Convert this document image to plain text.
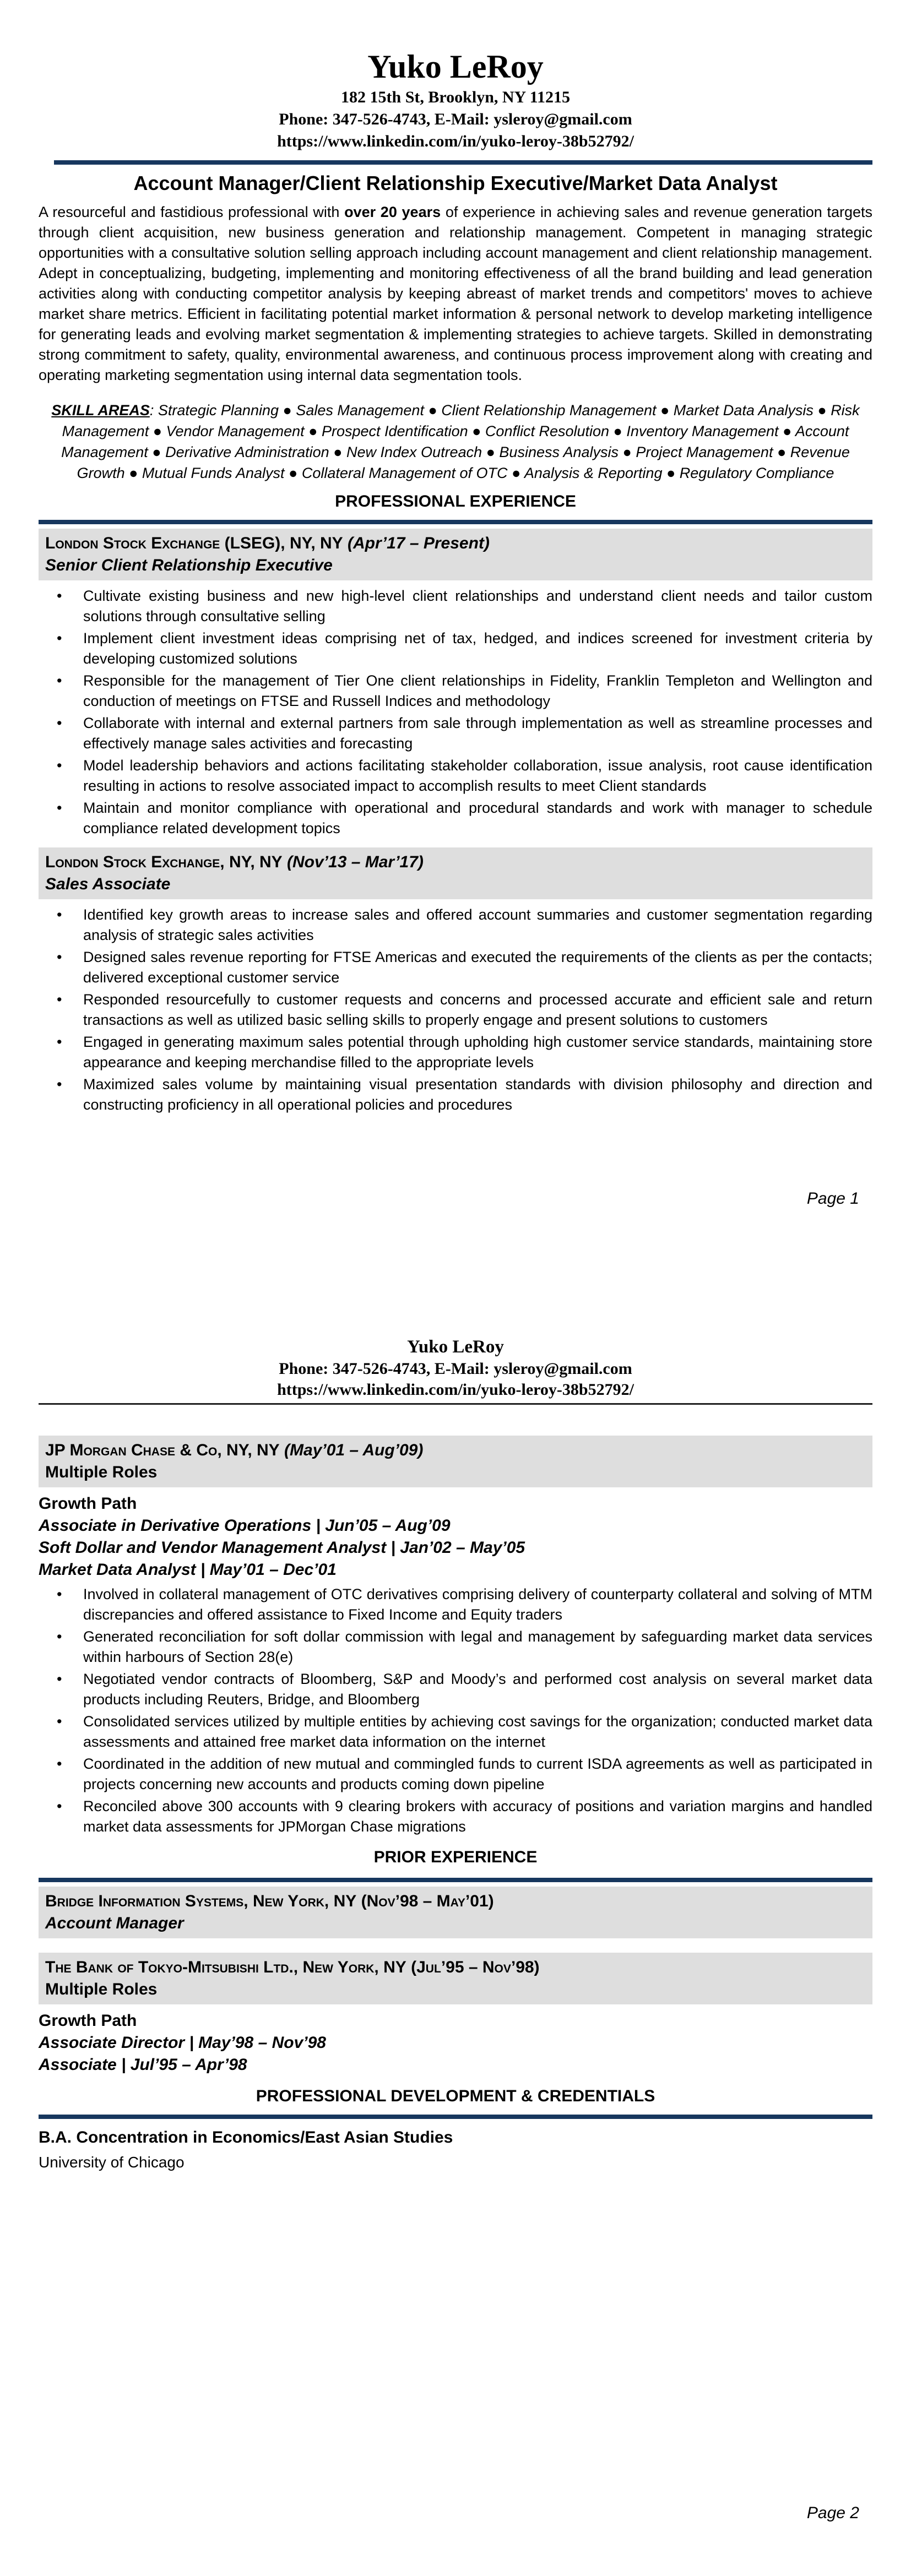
Yuko LeRoy
182 15th St, Brooklyn, NY 11215
Phone: 347-526-4743, E-Mail: ysleroy@gmail.com
https://www.linkedin.com/in/yuko-leroy-38b52792/
Account Manager/Client Relationship Executive/Market Data Analyst

A resourceful and fastidious professional with over 20 years of experience in achieving sales and revenue generation targets through client acquisition, new business generation and relationship management. Competent in managing strategic opportunities with a consultative solution selling approach including account management and client relationship management. Adept in conceptualizing, budgeting, implementing and monitoring effectiveness of all the brand building and lead generation activities along with conducting competitor analysis by keeping abreast of market trends and competitors' moves to achieve market share metrics. Efficient in facilitating potential market information & personal network to develop marketing intelligence for generating leads and evolving market segmentation & implementing strategies to achieve targets. Skilled in demonstrating strong commitment to safety, quality, environmental awareness, and continuous process improvement along with creating and operating marketing segmentation using internal data segmentation tools.

SKILL AREAS: Strategic Planning ● Sales Management ● Client Relationship Management ● Market Data Analysis ● Risk Management ● Vendor Management ● Prospect Identification ● Conflict Resolution ● Inventory Management ● Account Management ● Derivative Administration ● New Index Outreach ● Business Analysis ● Project Management ● Revenue Growth ● Mutual Funds Analyst ● Collateral Management of OTC ● Analysis & Reporting ● Regulatory Compliance

PROFESSIONAL EXPERIENCE
London Stock Exchange (LSEG), NY, NY (Apr’17 – Present)
Senior Client Relationship Executive
• Cultivate existing business and new high-level client relationships and understand client needs and tailor custom solutions through consultative selling
• Implement client investment ideas comprising net of tax, hedged, and indices screened for investment criteria by developing customized solutions
• Responsible for the management of Tier One client relationships in Fidelity, Franklin Templeton and Wellington and conduction of meetings on FTSE and Russell Indices and methodology
• Collaborate with internal and external partners from sale through implementation as well as streamline processes and effectively manage sales activities and forecasting
• Model leadership behaviors and actions facilitating stakeholder collaboration, issue analysis, root cause identification resulting in actions to resolve associated impact to accomplish results to meet Client standards
• Maintain and monitor compliance with operational and procedural standards and work with manager to schedule compliance related development topics
London Stock Exchange, NY, NY (Nov’13 – Mar’17)
Sales Associate
• Identified key growth areas to increase sales and offered account summaries and customer segmentation regarding analysis of strategic sales activities
• Designed sales revenue reporting for FTSE Americas and executed the requirements of the clients as per the contacts; delivered exceptional customer service
• Responded resourcefully to customer requests and concerns and processed accurate and efficient sale and return transactions as well as utilized basic selling skills to properly engage and present solutions to customers
• Engaged in generating maximum sales potential through upholding high customer service standards, maintaining store appearance and keeping merchandise filled to the appropriate levels
• Maximized sales volume by maintaining visual presentation standards with division philosophy and direction and constructing proficiency in all operational policies and procedures
Page 1
Yuko LeRoy
Phone: 347-526-4743, E-Mail: ysleroy@gmail.com
https://www.linkedin.com/in/yuko-leroy-38b52792/
JP Morgan Chase & Co, NY, NY (May’01 – Aug’09)
Multiple Roles
Growth Path
Associate in Derivative Operations | Jun’05 – Aug’09
Soft Dollar and Vendor Management Analyst | Jan’02 – May’05
Market Data Analyst | May’01 – Dec’01
• Involved in collateral management of OTC derivatives comprising delivery of counterparty collateral and solving of MTM discrepancies and offered assistance to Fixed Income and Equity traders
• Generated reconciliation for soft dollar commission with legal and management by safeguarding market data services within harbours of Section 28(e)
• Negotiated vendor contracts of Bloomberg, S&P and Moody’s and performed cost analysis on several market data products including Reuters, Bridge, and Bloomberg
• Consolidated services utilized by multiple entities by achieving cost savings for the organization; conducted market data assessments and attained free market data information on the internet
• Coordinated in the addition of new mutual and commingled funds to current ISDA agreements as well as participated in projects concerning new accounts and products coming down pipeline
• Reconciled above 300 accounts with 9 clearing brokers with accuracy of positions and variation margins and handled market data assessments for JPMorgan Chase migrations
PRIOR EXPERIENCE
Bridge Information Systems, New York, NY (Nov’98 – May’01)
Account Manager
The Bank of Tokyo-Mitsubishi Ltd., New York, NY (Jul’95 – Nov’98)
Multiple Roles
Growth Path
Associate Director | May’98 – Nov’98
Associate | Jul’95 – Apr’98
PROFESSIONAL DEVELOPMENT & CREDENTIALS
B.A. Concentration in Economics/East Asian Studies
University of Chicago
Page 2
